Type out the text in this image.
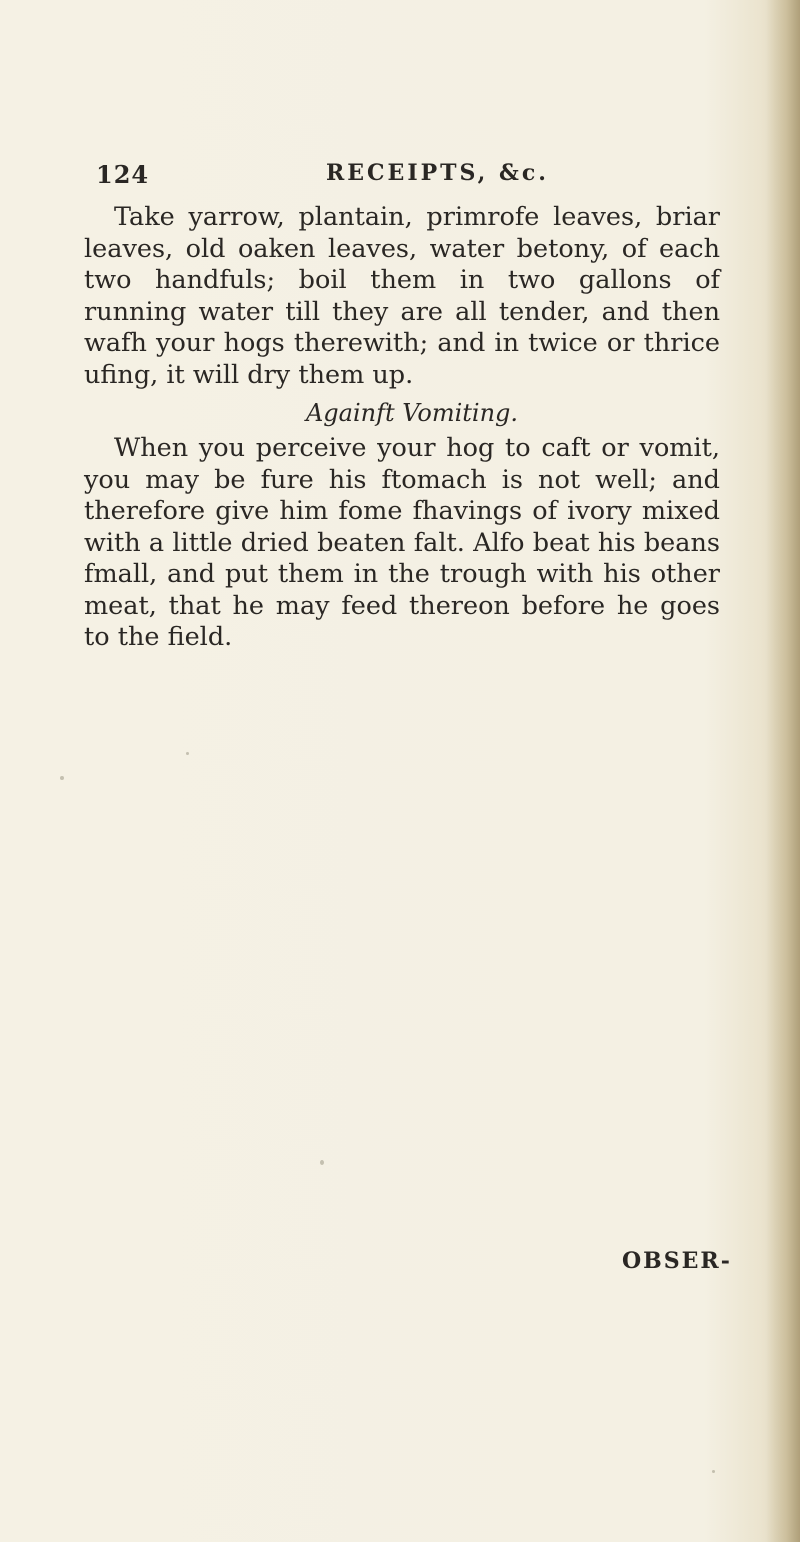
124	RECEIPTS, &c.

Take yarrow, plantain, primrofe leaves, briar leaves, old oaken leaves, water betony, of each two handfuls; boil them in two gallons of running water till they are all tender, and then wafh your hogs therewith; and in twice or thrice ufing, it will dry them up.

Againft Vomiting.

When you perceive your hog to caft or vomit, you may be fure his ftomach is not well; and therefore give him fome fhavings of ivory mixed with a little dried beaten falt. Alfo beat his beans fmall, and put them in the trough with his other meat, that he may feed thereon before he goes to the field.

OBSER-
